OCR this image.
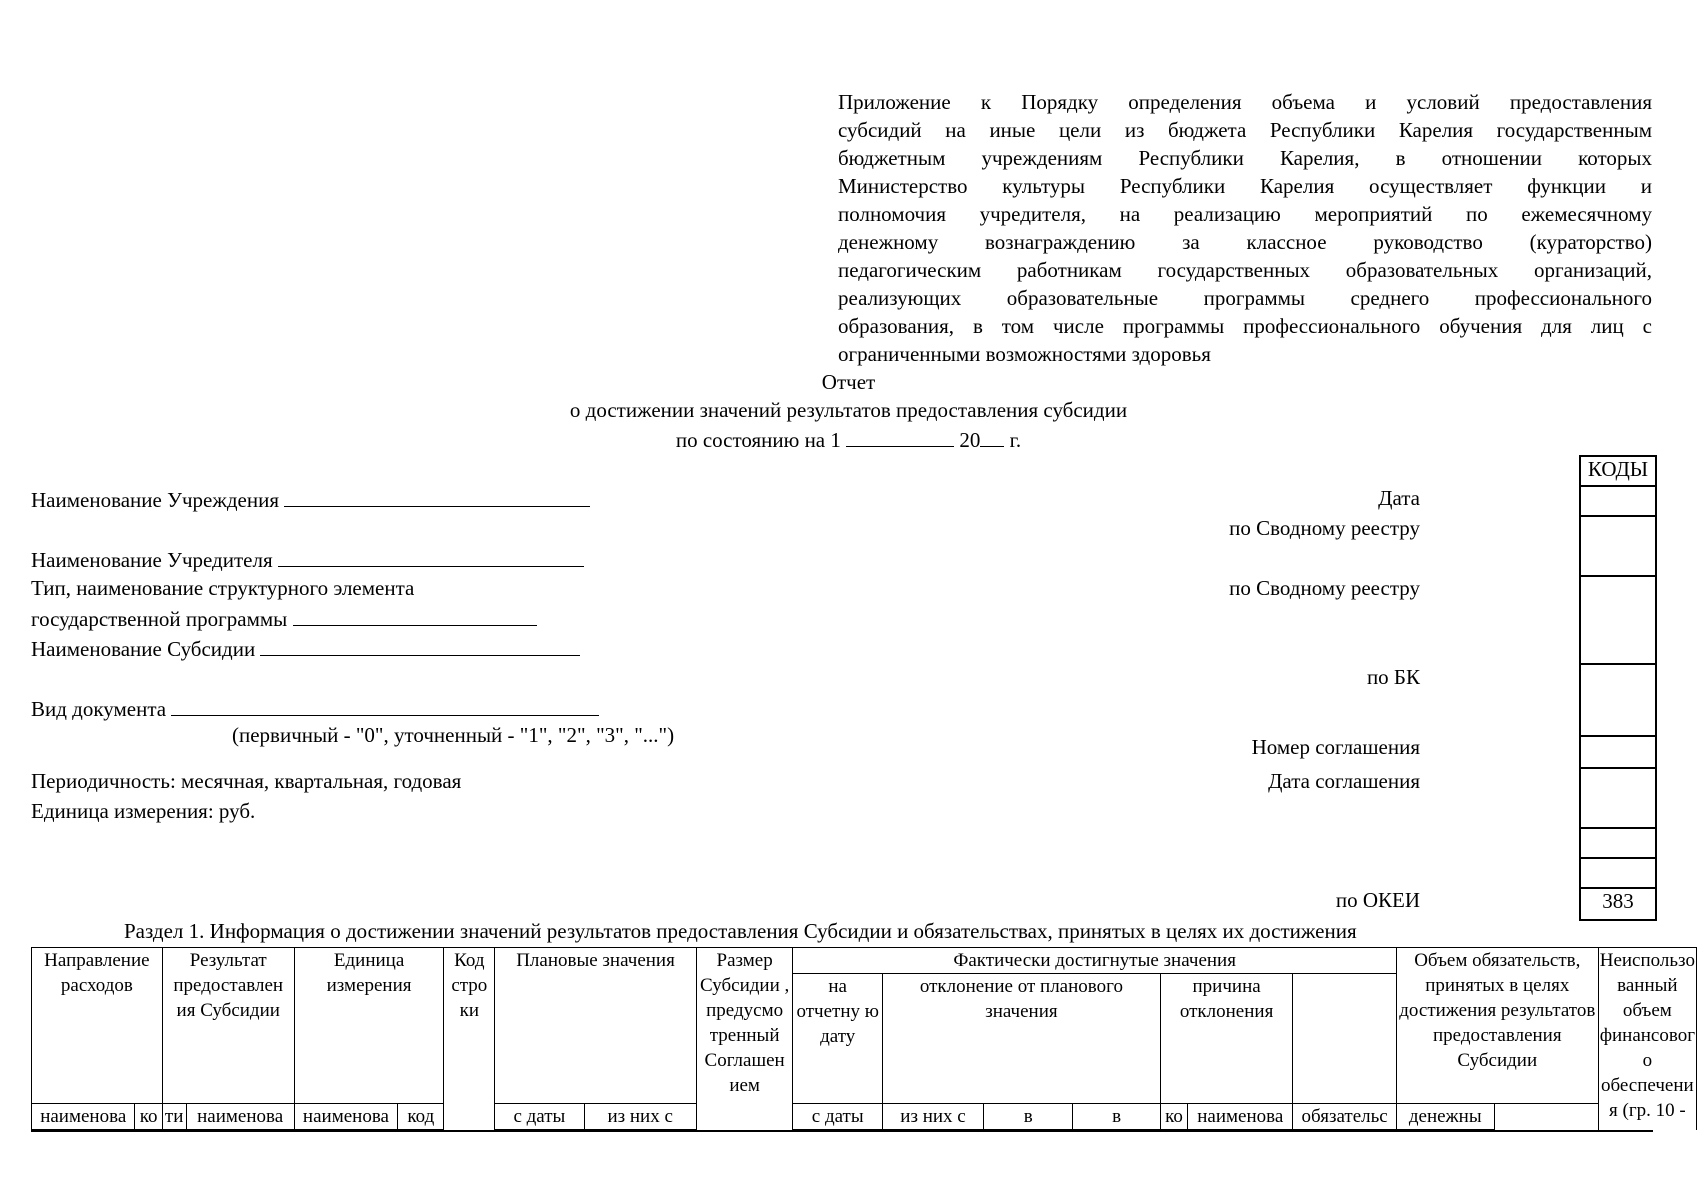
Приложение к Порядку определения объема и условий предоставления
субсидий на иные цели из бюджета Республики Карелия государственным
бюджетным учреждениям Республики Карелия, в отношении которых
Министерство культуры Республики Карелия осуществляет функции и
полномочия учредителя, на реализацию мероприятий по ежемесячному
денежному вознаграждению за классное руководство (кураторство)
педагогическим работникам государственных образовательных организаций,
реализующих образовательные программы среднего профессионального
образования, в том числе программы профессионального обучения для лиц с
ограниченными возможностями здоровья
Отчет
о достижении значений результатов предоставления субсидии
по состоянию на 1	20 г.
Наименование Учреждения
Наименование Учредителя
Тип, наименование структурного элемента
государственной программы
Наименование Субсидии
Вид документа
(первичный - "0", уточненный - "1", "2", "3", "...")
Периодичность: месячная, квартальная, годовая
Единица измерения: руб.
Дата
по Сводному реестру
по Сводному реестру
по БК
Номер соглашения
Дата соглашения
по ОКЕИ
КОДЫ
383
Раздел 1. Информация о достижении значений результатов предоставления Субсидии и обязательствах, принятых в целях их достижения
Направление расходов		Результат предоставлен ия Субсидии		Единица измерения		Код стро ки	Плановые значения		Размер Субсидии , предусмо тренный Соглашен ием	Фактически достигнутые значения							Объем обязательств, принятых в целях достижения результатов предоставления Субсидии	Неиспользо ванный объем финансовог о обеспечени я (гр. 10 -
										на отчетну ю дату	отклонение от планового значения			причина отклонения				

наименова	ко	ти	наименова	наименова	код		с даты	из них с		с даты	из них с	в	в	ко	наименова	обязательс	денежны	
